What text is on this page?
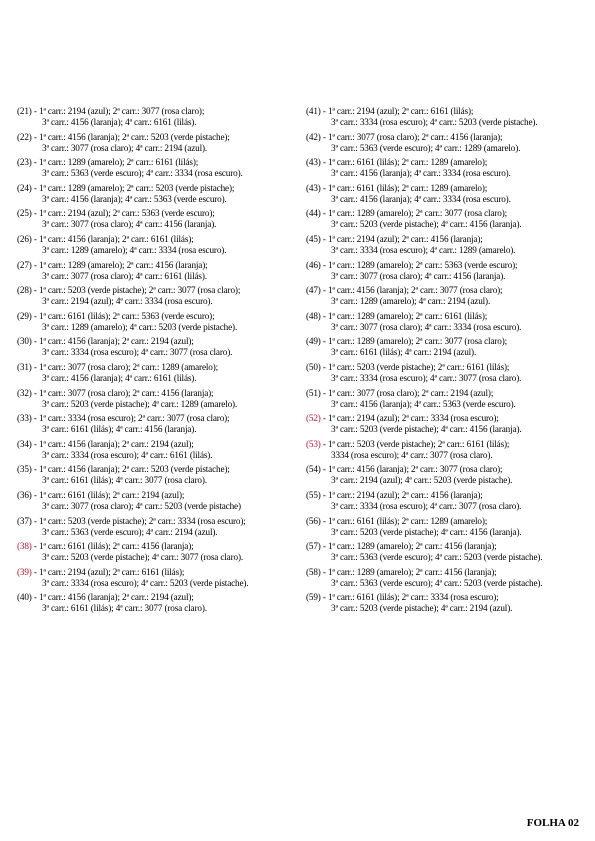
(21) - 1ª carr.: 2194 (azul); 2ª carr.: 3077 (rosa claro);
3ª carr.: 4156 (laranja); 4ª carr.: 6161 (lilás).
(22) - 1ª carr.: 4156 (laranja); 2ª carr.: 5203 (verde pistache);
3ª carr.: 3077 (rosa claro); 4ª carr.: 2194 (azul).
(23) - 1ª carr.: 1289 (amarelo); 2ª carr.: 6161 (lilás);
3ª carr.: 5363 (verde escuro); 4ª carr.: 3334 (rosa escuro).
(24) - 1ª carr.: 1289 (amarelo); 2ª carr.: 5203 (verde pistache);
3ª carr.: 4156 (laranja); 4ª carr.: 5363 (verde escuro).
(25) - 1ª carr.: 2194 (azul); 2ª carr.: 5363 (verde escuro);
3ª carr.: 3077 (rosa claro); 4ª carr.: 4156 (laranja).
(26) - 1ª carr.: 4156 (laranja); 2ª carr.: 6161 (lilás);
3ª carr.: 1289 (amarelo); 4ª carr.: 3334 (rosa escuro).
(27) - 1ª carr.: 1289 (amarelo); 2ª carr.: 4156 (laranja);
3ª carr.: 3077 (rosa claro); 4ª carr.: 6161 (lilás).
(28) - 1ª carr.: 5203 (verde pistache); 2ª carr.: 3077 (rosa claro);
3ª carr.: 2194 (azul); 4ª carr.: 3334 (rosa escuro).
(29) - 1ª carr.: 6161 (lilás); 2ª carr.: 5363 (verde escuro);
3ª carr.: 1289 (amarelo); 4ª carr.: 5203 (verde pistache).
(30) - 1ª carr.: 4156 (laranja); 2ª carr.: 2194 (azul);
3ª carr.: 3334 (rosa escuro); 4ª carr.: 3077 (rosa claro).
(31) - 1ª carr.: 3077 (rosa claro); 2ª carr.: 1289 (amarelo);
3ª carr.: 4156 (laranja); 4ª carr.: 6161 (lilás).
(32) - 1ª carr.: 3077 (rosa claro); 2ª carr.: 4156 (laranja);
3ª carr.: 5203 (verde pistache); 4ª carr.: 1289 (amarelo).
(33) - 1ª carr.: 3334 (rosa escuro); 2ª carr.: 3077 (rosa claro);
3ª carr.: 6161 (lilás); 4ª carr.: 4156 (laranja).
(34) - 1ª carr.: 4156 (laranja); 2ª carr.: 2194 (azul);
3ª carr.: 3334 (rosa escuro); 4ª carr.: 6161 (lilás).
(35) - 1ª carr.: 4156 (laranja); 2ª carr.: 5203 (verde pistache);
3ª carr.: 6161 (lilás); 4ª carr.: 3077 (rosa claro).
(36) - 1ª carr.: 6161 (lilás); 2ª carr.: 2194 (azul);
3ª carr.: 3077 (rosa claro); 4ª carr.: 5203 (verde pistache)
(37) - 1ª carr.: 5203 (verde pistache); 2ª carr.: 3334 (rosa escuro);
3ª carr.: 5363 (verde escuro); 4ª carr.: 2194 (azul).
(38) - 1ª carr.: 6161 (lilás); 2ª carr.: 4156 (laranja);
3ª carr.: 5203 (verde pistache); 4ª carr.: 3077 (rosa claro).
(39) - 1ª carr.: 2194 (azul); 2ª carr.: 6161 (lilás);
3ª carr.: 3334 (rosa escuro); 4ª carr.: 5203 (verde pistache).
(40) - 1ª carr.: 4156 (laranja); 2ª carr.: 2194 (azul);
3ª carr.: 6161 (lilás); 4ª carr.: 3077 (rosa claro).
(41) - 1ª carr.: 2194 (azul); 2ª carr.: 6161 (lilás);
3ª carr.: 3334 (rosa escuro); 4ª carr.: 5203 (verde pistache).
(42) - 1ª carr.: 3077 (rosa claro); 2ª carr.: 4156 (laranja);
3ª carr.: 5363 (verde escuro); 4ª carr.: 1289 (amarelo).
(43) - 1ª carr.: 6161 (lilás); 2ª carr.: 1289 (amarelo);
3ª carr.: 4156 (laranja); 4ª carr.: 3334 (rosa escuro).
(43) - 1ª carr.: 6161 (lilás); 2ª carr.: 1289 (amarelo);
3ª carr.: 4156 (laranja); 4ª carr.: 3334 (rosa escuro).
(44) - 1ª carr.: 1289 (amarelo); 2ª carr.: 3077 (rosa claro);
3ª carr.: 5203 (verde pistache); 4ª carr.: 4156 (laranja).
(45) - 1ª carr.: 2194 (azul); 2ª carr.: 4156 (laranja);
3ª carr.: 3334 (rosa escuro); 4ª carr.: 1289 (amarelo).
(46) - 1ª carr.: 1289 (amarelo); 2ª carr.: 5363 (verde escuro);
3ª carr.: 3077 (rosa claro); 4ª carr.: 4156 (laranja).
(47) - 1ª carr.: 4156 (laranja); 2ª carr.: 3077 (rosa claro);
3ª carr.: 1289 (amarelo); 4ª carr.: 2194 (azul).
(48) - 1ª carr.: 1289 (amarelo); 2ª carr.: 6161 (lilás);
3ª carr.: 3077 (rosa claro); 4ª carr.: 3334 (rosa escuro).
(49) - 1ª carr.: 1289 (amarelo); 2ª carr.: 3077 (rosa claro);
3ª carr.: 6161 (lilás); 4ª carr.: 2194 (azul).
(50) - 1ª carr.: 5203 (verde pistache); 2ª carr.: 6161 (lilás);
3ª carr.: 3334 (rosa escuro); 4ª carr.: 3077 (rosa claro).
(51) - 1ª carr.: 3077 (rosa claro); 2ª carr.: 2194 (azul);
3ª carr.: 4156 (laranja); 4ª carr.: 5363 (verde escuro).
(52) - 1ª carr.: 2194 (azul); 2ª carr.: 3334 (rosa escuro);
3ª carr.: 5203 (verde pistache); 4ª carr.: 4156 (laranja).
(53) - 1ª carr.: 5203 (verde pistache); 2ª carr.: 6161 (lilás);
3334 (rosa escuro); 4ª carr.: 3077 (rosa claro).
(54) - 1ª carr.: 4156 (laranja); 2ª carr.: 3077 (rosa claro);
3ª carr.: 2194 (azul); 4ª carr.: 5203 (verde pistache).
(55) - 1ª carr.: 2194 (azul); 2ª carr.: 4156 (laranja);
3ª carr.: 3334 (rosa escuro); 4ª carr.: 3077 (rosa claro).
(56) - 1ª carr.: 6161 (lilás); 2ª carr.: 1289 (amarelo);
3ª carr.: 5203 (verde pistache); 4ª carr.: 4156 (laranja).
(57) - 1ª carr.: 1289 (amarelo); 2ª carr.: 4156 (laranja);
3ª carr.: 5363 (verde escuro); 4ª carr.: 5203 (verde pistache).
(58) - 1ª carr.: 1289 (amarelo); 2ª carr.: 4156 (laranja);
3ª carr.: 5363 (verde escuro); 4ª carr.: 5203 (verde pistache).
(59) - 1ª carr.: 6161 (lilás); 2ª carr.: 3334 (rosa escuro);
3ª carr.: 5203 (verde pistache); 4ª carr.: 2194 (azul).
FOLHA 02
